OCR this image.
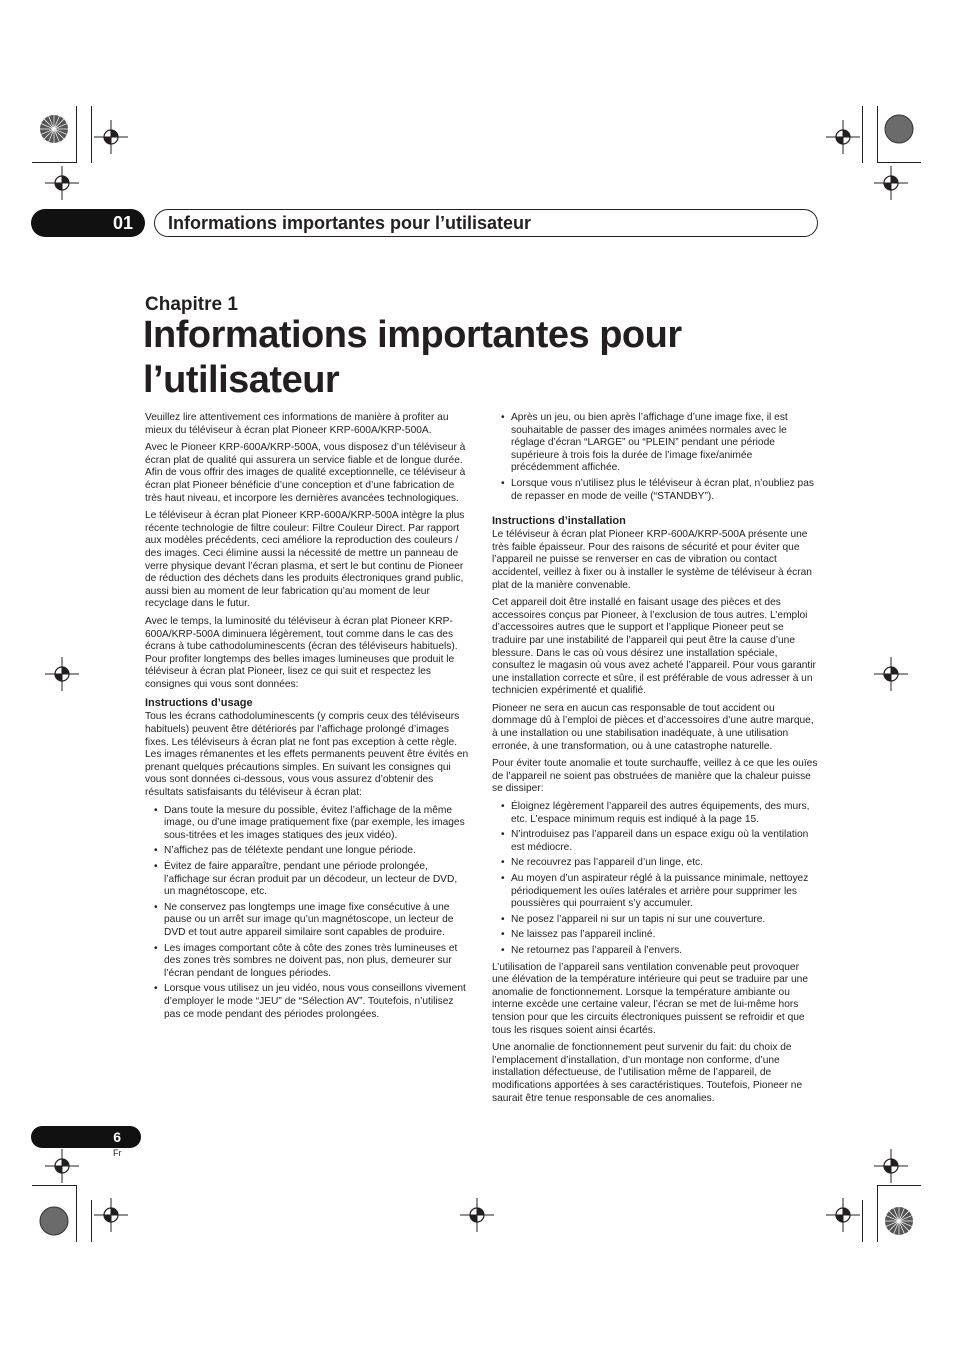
01	Informations importantes pour l’utilisateur
Chapitre 1
Informations importantes pour
l’utilisateur

Veuillez lire attentivement ces informations de manière à profiter au mieux du téléviseur à écran plat Pioneer KRP-600A/KRP-500A.

Avec le Pioneer KRP-600A/KRP-500A, vous disposez d’un téléviseur à écran plat de qualité qui assurera un service fiable et de longue durée. Afin de vous offrir des images de qualité exceptionnelle, ce téléviseur à écran plat Pioneer bénéficie d’une conception et d’une fabrication de très haut niveau, et incorpore les dernières avancées technologiques.

Le téléviseur à écran plat Pioneer KRP-600A/KRP-500A intègre la plus récente technologie de filtre couleur: Filtre Couleur Direct. Par rapport aux modèles précédents, ceci améliore la reproduction des couleurs / des images. Ceci élimine aussi la nécessité de mettre un panneau de verre physique devant l’écran plasma, et sert le but continu de Pioneer de réduction des déchets dans les produits électroniques grand public, aussi bien au moment de leur fabrication qu’au moment de leur recyclage dans le futur.

Avec le temps, la luminosité du téléviseur à écran plat Pioneer KRP-600A/KRP-500A diminuera légèrement, tout comme dans le cas des écrans à tube cathodoluminescents (écran des téléviseurs habituels). Pour profiter longtemps des belles images lumineuses que produit le téléviseur à écran plat Pioneer, lisez ce qui suit et respectez les consignes qui vous sont données:

Instructions d’usage

Tous les écrans cathodoluminescents (y compris ceux des téléviseurs habituels) peuvent être détériorés par l’affichage prolongé d’images fixes. Les téléviseurs à écran plat ne font pas exception à cette règle. Les images rémanentes et les effets permanents peuvent être évités en prenant quelques précautions simples. En suivant les consignes qui vous sont données ci-dessous, vous vous assurez d’obtenir des résultats satisfaisants du téléviseur à écran plat:

• Dans toute la mesure du possible, évitez l’affichage de la même image, ou d’une image pratiquement fixe (par exemple, les images sous-titrées et les images statiques des jeux vidéo).
• N’affichez pas de télétexte pendant une longue période.
• Évitez de faire apparaître, pendant une période prolongée, l’affichage sur écran produit par un décodeur, un lecteur de DVD, un magnétoscope, etc.
• Ne conservez pas longtemps une image fixe consécutive à une pause ou un arrêt sur image qu’un magnétoscope, un lecteur de DVD et tout autre appareil similaire sont capables de produire.
• Les images comportant côte à côte des zones très lumineuses et des zones très sombres ne doivent pas, non plus, demeurer sur l’écran pendant de longues périodes.
• Lorsque vous utilisez un jeu vidéo, nous vous conseillons vivement d’employer le mode “JEU” de “Sélection AV”. Toutefois, n’utilisez pas ce mode pendant des périodes prolongées.
• Après un jeu, ou bien après l’affichage d’une image fixe, il est souhaitable de passer des images animées normales avec le réglage d’écran “LARGE” ou “PLEIN” pendant une période supérieure à trois fois la durée de l’image fixe/animée précédemment affichée.
• Lorsque vous n’utilisez plus le téléviseur à écran plat, n’oubliez pas de repasser en mode de veille (“STANDBY”).
Instructions d’installation

Le téléviseur à écran plat Pioneer KRP-600A/KRP-500A présente une très faible épaisseur. Pour des raisons de sécurité et pour éviter que l’appareil ne puisse se renverser en cas de vibration ou contact accidentel, veillez à fixer ou à installer le système de téléviseur à écran plat de la manière convenable.

Cet appareil doit être installé en faisant usage des pièces et des accessoires conçus par Pioneer, à l’exclusion de tous autres. L’emploi d’accessoires autres que le support et l’applique Pioneer peut se traduire par une instabilité de l’appareil qui peut être la cause d’une blessure. Dans le cas où vous désirez une installation spéciale, consultez le magasin où vous avez acheté l’appareil. Pour vous garantir une installation correcte et sûre, il est préférable de vous adresser à un technicien expérimenté et qualifié.

Pioneer ne sera en aucun cas responsable de tout accident ou dommage dû à l’emploi de pièces et d’accessoires d’une autre marque, à une installation ou une stabilisation inadéquate, à une utilisation erronée, à une transformation, ou à une catastrophe naturelle.

Pour éviter toute anomalie et toute surchauffe, veillez à ce que les ouïes de l’appareil ne soient pas obstruées de manière que la chaleur puisse se dissiper:

• Éloignez légèrement l’appareil des autres équipements, des murs, etc. L’espace minimum requis est indiqué à la page 15.
• N’introduisez pas l’appareil dans un espace exigu où la ventilation est médiocre.
• Ne recouvrez pas l’appareil d’un linge, etc.
• Au moyen d’un aspirateur réglé à la puissance minimale, nettoyez périodiquement les ouïes latérales et arrière pour supprimer les poussières qui pourraient s’y accumuler.
• Ne posez l’appareil ni sur un tapis ni sur une couverture.
• Ne laissez pas l’appareil incliné.
• Ne retournez pas l’appareil à l’envers.

L’utilisation de l’appareil sans ventilation convenable peut provoquer une élévation de la température intérieure qui peut se traduire par une anomalie de fonctionnement. Lorsque la température ambiante ou interne excède une certaine valeur, l’écran se met de lui-même hors tension pour que les circuits électroniques puissent se refroidir et que tous les risques soient ainsi écartés.

Une anomalie de fonctionnement peut survenir du fait: du choix de l’emplacement d’installation, d’un montage non conforme, d’une installation défectueuse, de l’utilisation même de l’appareil, de modifications apportées à ses caractéristiques. Toutefois, Pioneer ne saurait être tenue responsable de ces anomalies.

6
Fr
